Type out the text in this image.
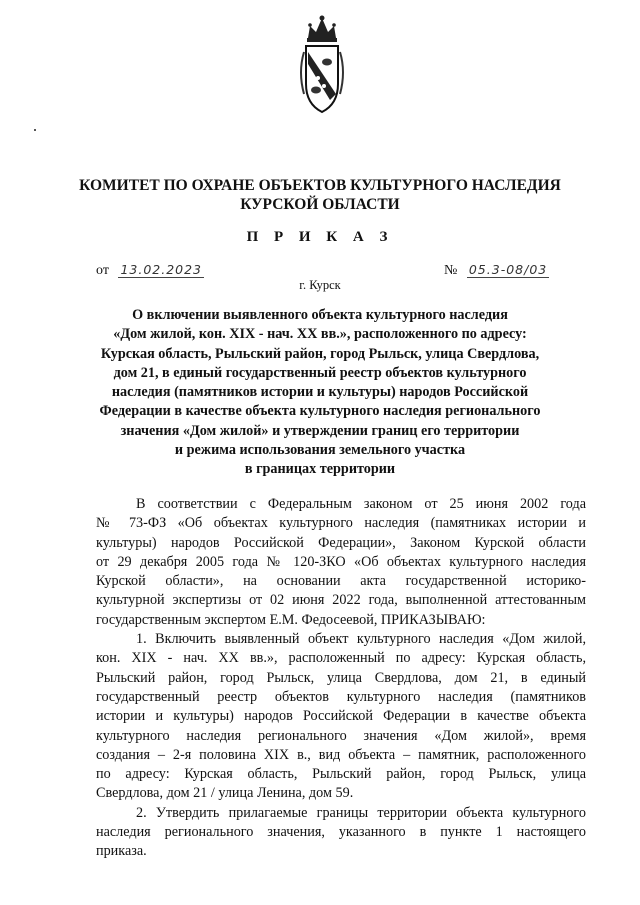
КОМИТЕТ ПО ОХРАНЕ ОБЪЕКТОВ КУЛЬТУРНОГО НАСЛЕДИЯ
КУРСКОЙ ОБЛАСТИ
П Р И К А З
от 13.02.2023	№ 05.3-08/03
г. Курск
О включении выявленного объекта культурного наследия
«Дом жилой, кон. XIX - нач. XX вв.», расположенного по адресу:
Курская область, Рыльский район, город Рыльск, улица Свердлова,
дом 21, в единый государственный реестр объектов культурного
наследия (памятников истории и культуры) народов Российской
Федерации в качестве объекта культурного наследия регионального
значения «Дом жилой» и утверждении границ его территории
и режима использования земельного участка
в границах территории
В соответствии с Федеральным законом от 25 июня 2002 года
№ 73-ФЗ «Об объектах культурного наследия (памятниках истории и
культуры) народов Российской Федерации», Законом Курской области
от 29 декабря 2005 года № 120-ЗКО «Об объектах культурного наследия
Курской области», на основании акта государственной историко-
культурной экспертизы от 02 июня 2022 года, выполненной аттестованным
государственным экспертом Е.М. Федосеевой, ПРИКАЗЫВАЮ:
1. Включить выявленный объект культурного наследия «Дом жилой,
кон. XIX - нач. XX вв.», расположенный по адресу: Курская область,
Рыльский район, город Рыльск, улица Свердлова, дом 21, в единый
государственный реестр объектов культурного наследия (памятников
истории и культуры) народов Российской Федерации в качестве объекта
культурного наследия регионального значения «Дом жилой», время
создания – 2-я половина XIX в., вид объекта – памятник, расположенного
по адресу: Курская область, Рыльский район, город Рыльск, улица
Свердлова, дом 21 / улица Ленина, дом 59.
2. Утвердить прилагаемые границы территории объекта культурного
наследия регионального значения, указанного в пункте 1 настоящего
приказа.
